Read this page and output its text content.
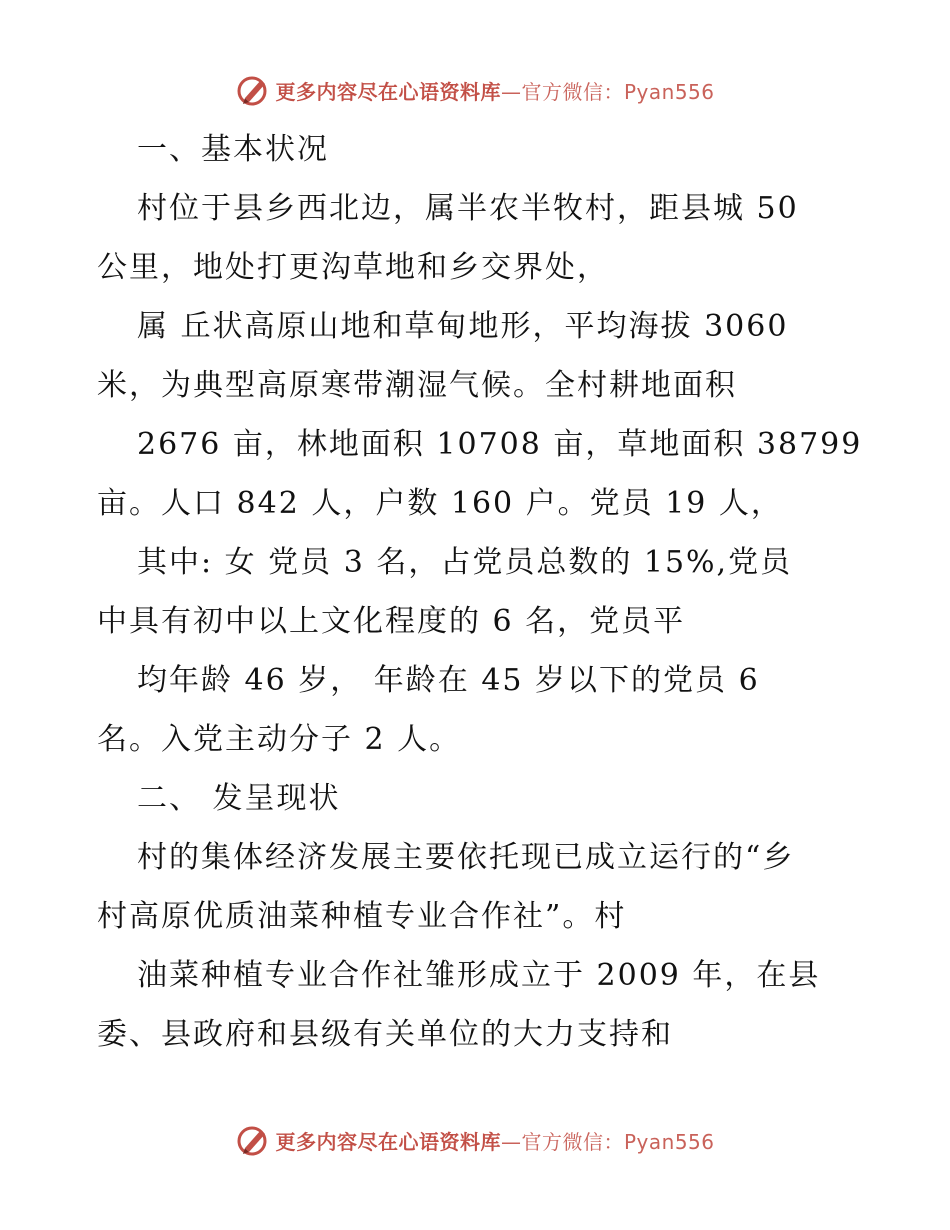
更多内容尽在心语资料库—官方微信：Pyan556
一、基本状况
村位于县乡西北边，属半农半牧村，距县城 50
公里，地处打更沟草地和乡交界处，
属 丘状高原山地和草甸地形，平均海拔 3060
米，为典型高原寒带潮湿气候。全村耕地面积
2676 亩，林地面积 10708 亩，草地面积 38799
亩。人口 842 人，户数 160 户。党员 19 人，
其中: 女 党员 3 名，占党员总数的 15%,党员
中具有初中以上文化程度的 6 名，党员平
均年龄 46 岁， 年龄在 45 岁以下的党员 6
名。入党主动分子 2 人。
二、 发呈现状
村的集体经济发展主要依托现已成立运行的“乡
村高原优质油菜种植专业合作社”。村
油菜种植专业合作社雏形成立于 2009 年，在县
委、县政府和县级有关单位的大力支持和
更多内容尽在心语资料库—官方微信：Pyan556
